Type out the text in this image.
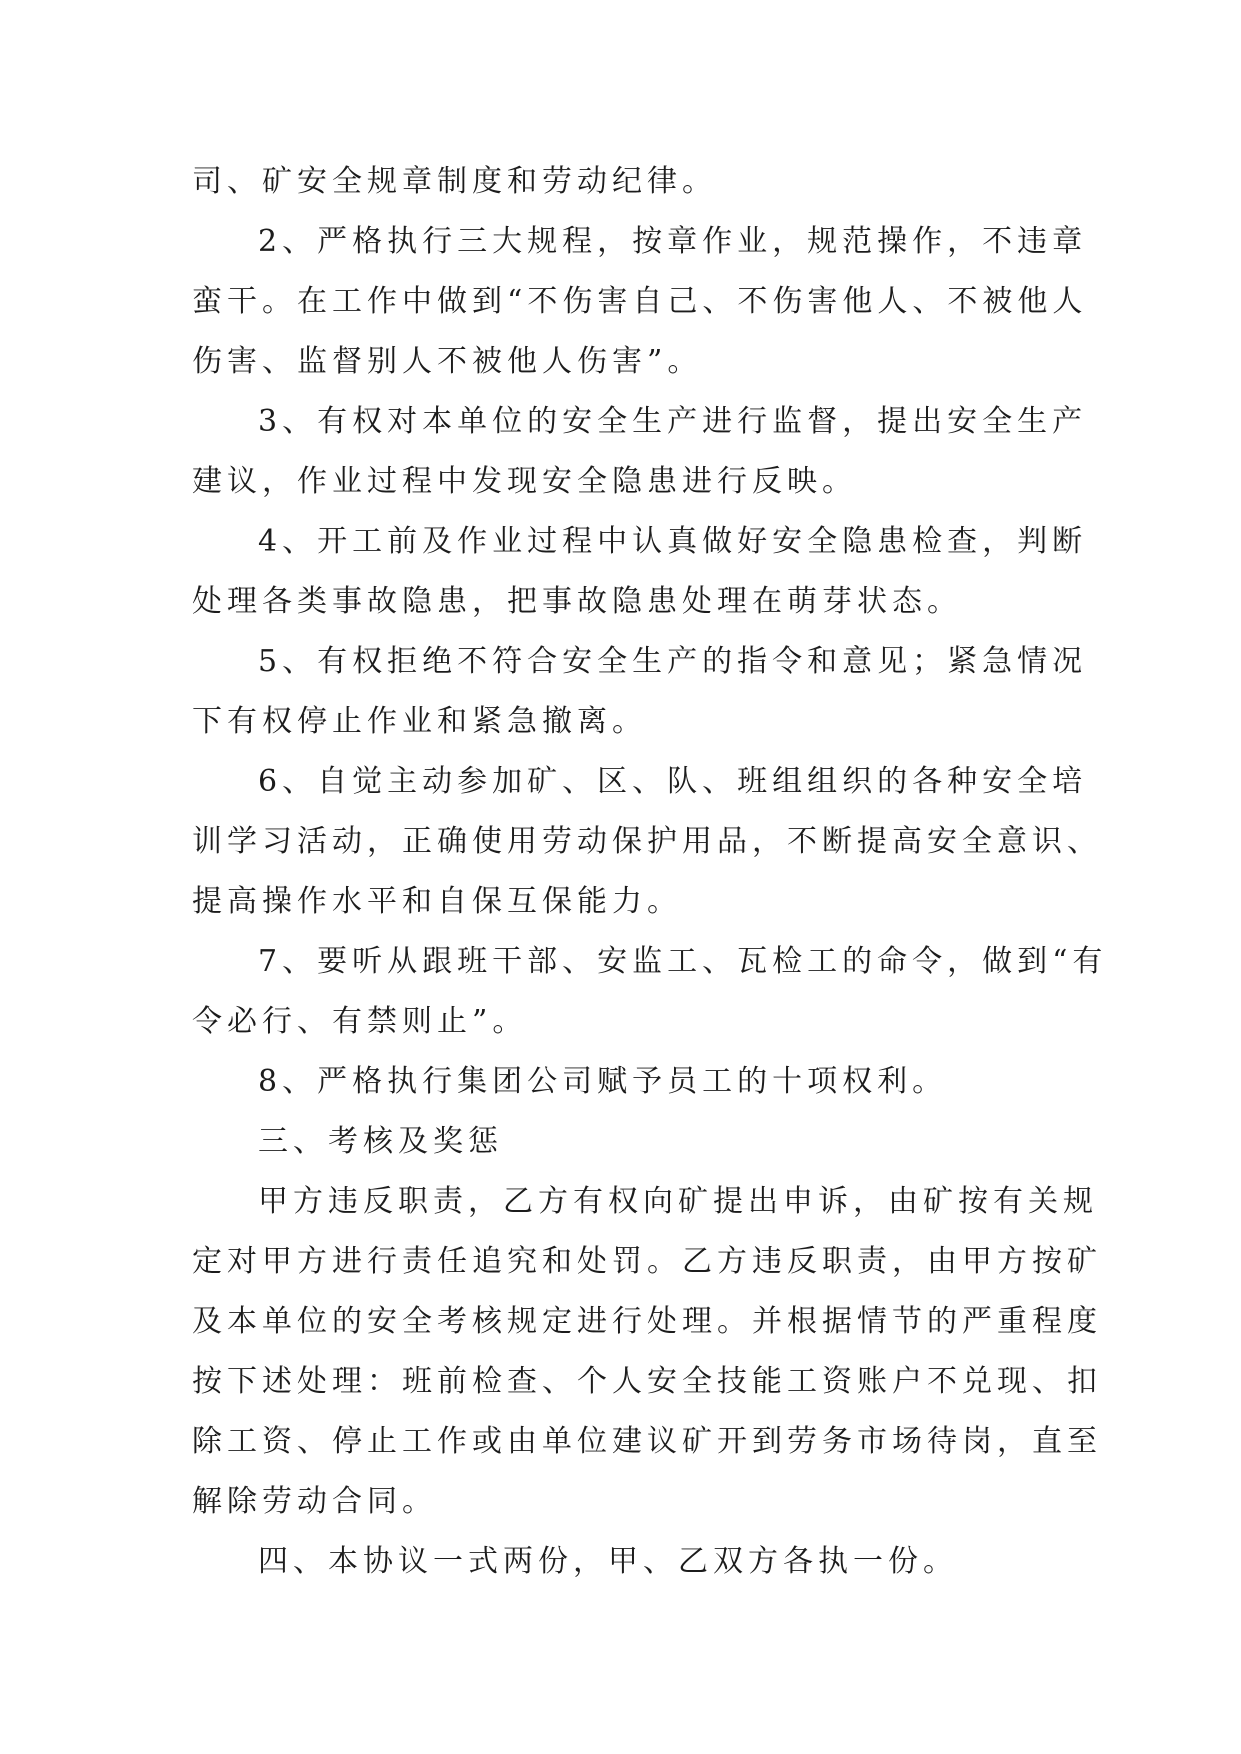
司、矿安全规章制度和劳动纪律。
2、严格执行三大规程，按章作业，规范操作，不违章
蛮干。在工作中做到“不伤害自己、不伤害他人、不被他人
伤害、监督别人不被他人伤害”。
3、有权对本单位的安全生产进行监督，提出安全生产
建议，作业过程中发现安全隐患进行反映。
4、开工前及作业过程中认真做好安全隐患检查，判断
处理各类事故隐患，把事故隐患处理在萌芽状态。
5、有权拒绝不符合安全生产的指令和意见；紧急情况
下有权停止作业和紧急撤离。
6、自觉主动参加矿、区、队、班组组织的各种安全培
训学习活动，正确使用劳动保护用品，不断提高安全意识、
提高操作水平和自保互保能力。
7、要听从跟班干部、安监工、瓦检工的命令，做到“有
令必行、有禁则止”。
8、严格执行集团公司赋予员工的十项权利。
三、考核及奖惩
甲方违反职责，乙方有权向矿提出申诉，由矿按有关规
定对甲方进行责任追究和处罚。乙方违反职责，由甲方按矿
及本单位的安全考核规定进行处理。并根据情节的严重程度
按下述处理：班前检查、个人安全技能工资账户不兑现、扣
除工资、停止工作或由单位建议矿开到劳务市场待岗，直至
解除劳动合同。
四、本协议一式两份，甲、乙双方各执一份。
